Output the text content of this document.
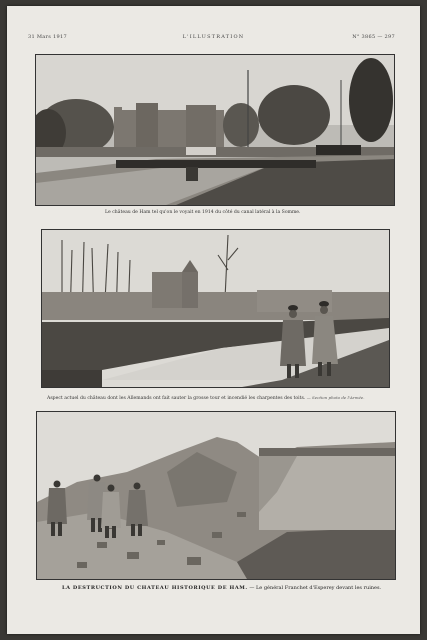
31 Mars 1917	L'ILLUSTRATION	N° 3865 — 297
Le château de Ham tel qu'on le voyait en 1914 du côté du canal latéral à la Somme.
Aspect actuel du château dont les Allemands ont fait sauter la grosse tour et incendié les charpentes des toits. — Section photo de l'Armée.
LA DESTRUCTION DU CHATEAU HISTORIQUE DE HAM. — Le général Franchet d'Esperey devant les ruines.
